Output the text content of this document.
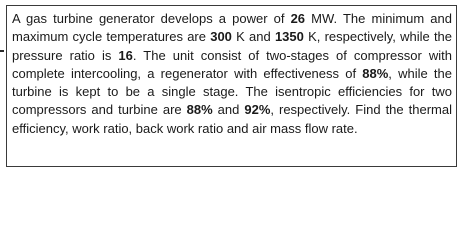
A gas turbine generator develops a power of 26 MW. The minimum and maximum cycle temperatures are 300 K and 1350 K, respectively, while the pressure ratio is 16. The unit consist of two-stages of compressor with complete intercooling, a regenerator with effectiveness of 88%, while the turbine is kept to be a single stage. The isentropic efficiencies for two compressors and turbine are 88% and 92%, respectively. Find the thermal efficiency, work ratio, back work ratio and air mass flow rate.
